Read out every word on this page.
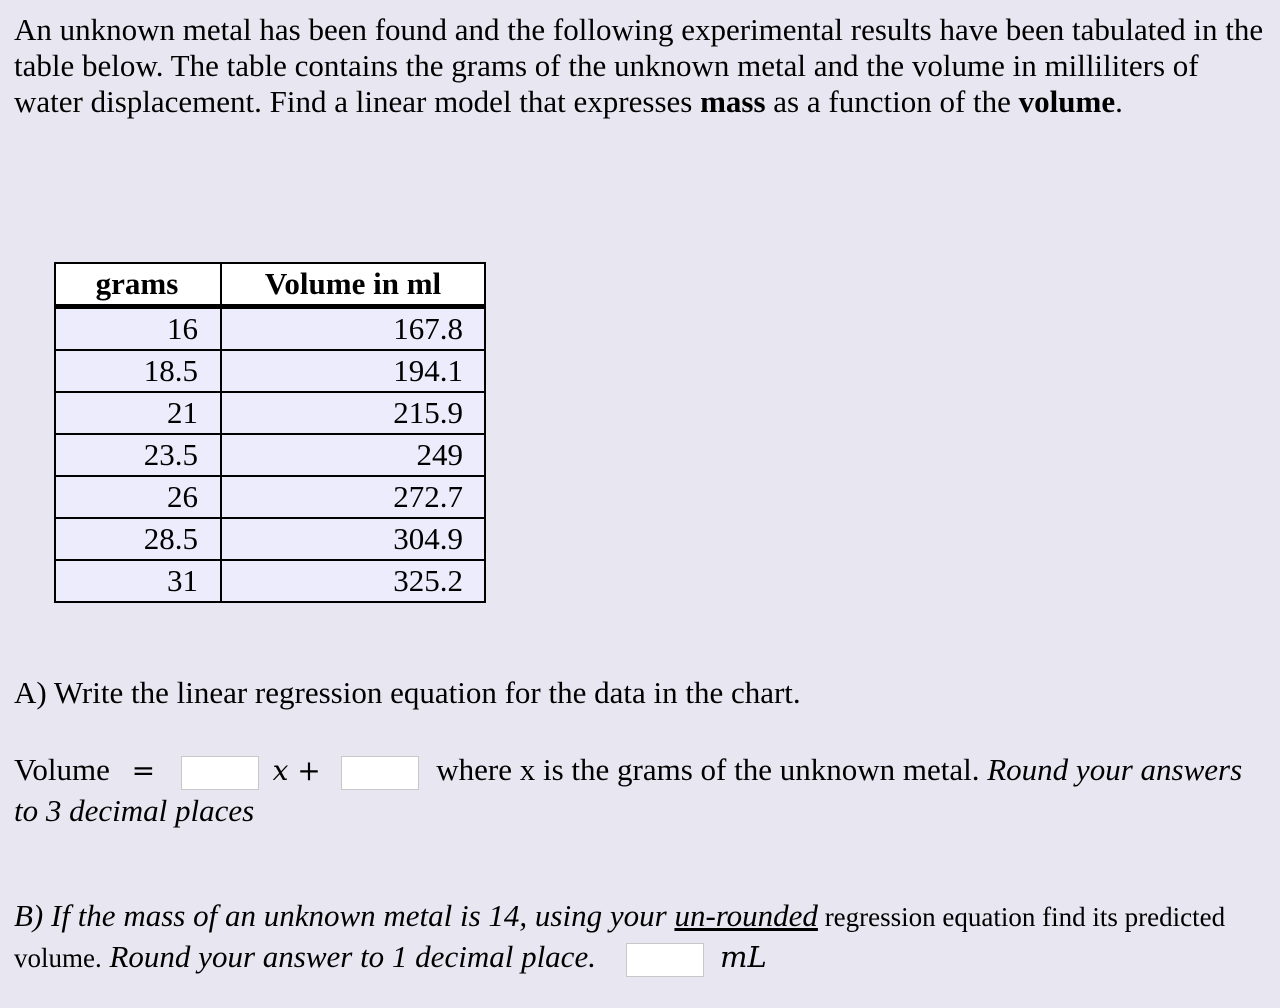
An unknown metal has been found and the following experimental results have been tabulated in the table below. The table contains the grams of the unknown metal and the volume in milliliters of water displacement. Find a linear model that expresses mass as a function of the volume.

grams	Volume in ml
16	167.8
18.5	194.1
21	215.9
23.5	249
26	272.7
28.5	304.9
31	325.2

A) Write the linear regression equation for the data in the chart.

Volume =	x +	where x is the grams of the unknown metal. Round your answers to 3 decimal places

B) If the mass of an unknown metal is 14, using your un-rounded regression equation find its predicted volume. Round your answer to 1 decimal place.	mL
